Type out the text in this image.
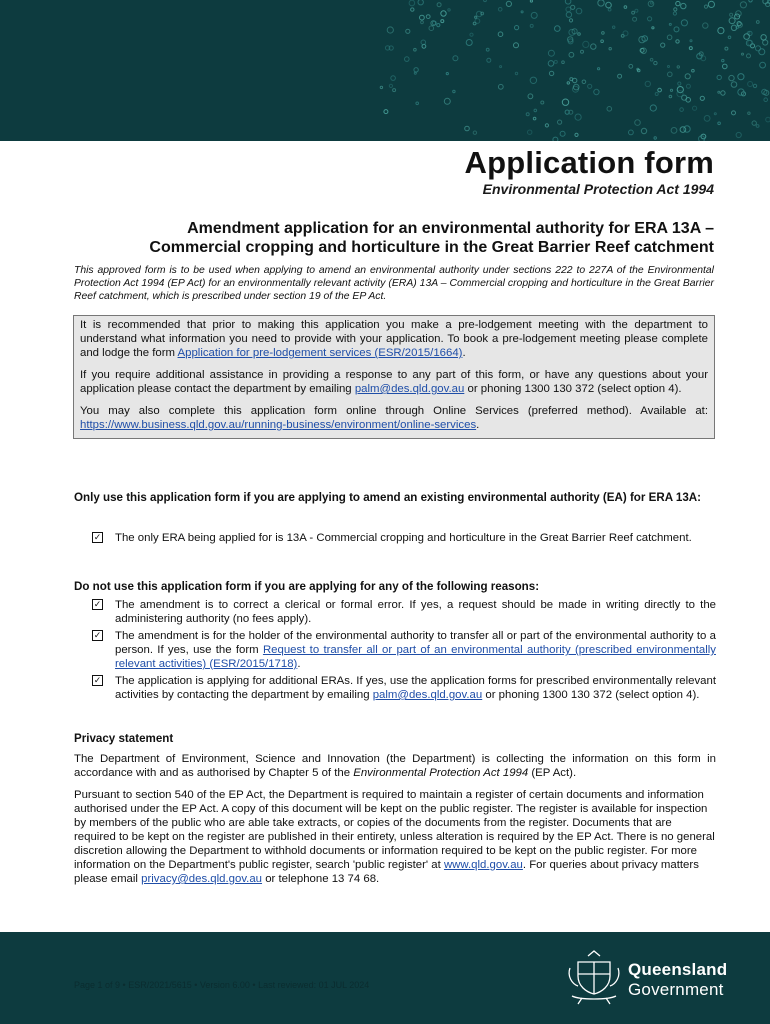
Application form
Environmental Protection Act 1994
Amendment application for an environmental authority for ERA 13A –
Commercial cropping and horticulture in the Great Barrier Reef catchment
This approved form is to be used when applying to amend an environmental authority under sections 222 to 227A of the Environmental Protection Act 1994 (EP Act) for an environmentally relevant activity (ERA) 13A – Commercial cropping and horticulture in the Great Barrier Reef catchment, which is prescribed under section 19 of the EP Act.

It is recommended that prior to making this application you make a pre-lodgement meeting with the department to understand what information you need to provide with your application. To book a pre-lodgement meeting please complete and lodge the form Application for pre-lodgement services (ESR/2015/1664).

If you require additional assistance in providing a response to any part of this form, or have any questions about your application please contact the department by emailing palm@des.qld.gov.au or phoning 1300 130 372 (select option 4).

You may also complete this application form online through Online Services (preferred method). Available at: https://www.business.qld.gov.au/running-business/environment/online-services.

Only use this application form if you are applying to amend an existing environmental authority (EA) for ERA 13A:
✓ The only ERA being applied for is 13A - Commercial cropping and horticulture in the Great Barrier Reef catchment.
Do not use this application form if you are applying for any of the following reasons:
✓ The amendment is to correct a clerical or formal error. If yes, a request should be made in writing directly to the administering authority (no fees apply).
✓ The amendment is for the holder of the environmental authority to transfer all or part of the environmental authority to a person. If yes, use the form Request to transfer all or part of an environmental authority (prescribed environmentally relevant activities) (ESR/2015/1718).
✓ The application is applying for additional ERAs. If yes, use the application forms for prescribed environmentally relevant activities by contacting the department by emailing palm@des.qld.gov.au or phoning 1300 130 372 (select option 4).
Privacy statement
The Department of Environment, Science and Innovation (the Department) is collecting the information on this form in accordance with and as authorised by Chapter 5 of the Environmental Protection Act 1994 (EP Act).
Pursuant to section 540 of the EP Act, the Department is required to maintain a register of certain documents and information authorised under the EP Act. A copy of this document will be kept on the public register. The register is available for inspection by members of the public who are able take extracts, or copies of the documents from the register. Documents that are required to be kept on the register are published in their entirety, unless alteration is required by the EP Act. There is no general discretion allowing the Department to withhold documents or information required to be kept on the public register. For more information on the Department's public register, search 'public register' at www.qld.gov.au. For queries about privacy matters please email privacy@des.qld.gov.au or telephone 13 74 68.
Page 1 of 9 • ESR/2021/5615 • Version 6.00 • Last reviewed: 01 JUL 2024
Queensland
Government
